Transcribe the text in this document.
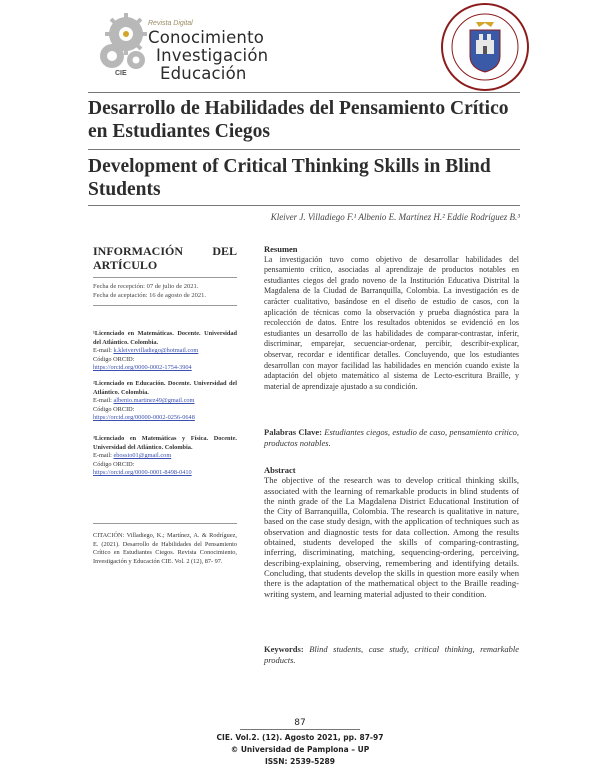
Revista Digital
Conocimiento
Investigación
Educación
CIE
Desarrollo de Habilidades del Pensamiento Crítico en Estudiantes Ciegos
Development of Critical Thinking Skills in Blind Students
Kleiver J. Villadiego F.¹ Albenio E. Martínez H.² Eddie Rodríguez B.³
INFORMACIÓN DEL
ARTÍCULO
Fecha de recepción: 07 de julio de 2021.
Fecha de aceptación: 16 de agosto de 2021.
¹Licenciado en Matemáticas. Docente. Universidad del Atlántico. Colombia.
E-mail: k.kleivervilladiego@hotmail.com
Código ORCID:
https://orcid.org/0000-0002-1754-3904
²Licenciado en Educación. Docente. Universidad del Atlántico. Colombia.
E-mail: albenio.martinez49@gmail.com
Código ORCID:
https://orcid.org/00000-0002-0256-0648
³Licenciado en Matemáticas y Física. Docente. Universidad del Atlántico. Colombia.
E-mail: ebossio01@gmail.com
Código ORCID:
https://orcid.org/0000-0001-8498-0410
CITACIÓN: Villadiego, K.; Martínez, A. & Rodríguez, E. (2021). Desarrollo de Habilidades del Pensamiento Crítico en Estudiantes Ciegos. Revista Conocimiento, Investigación y Educación CIE. Vol. 2 (12), 87- 97.
Resumen
La investigación tuvo como objetivo de desarrollar habilidades del pensamiento crítico, asociadas al aprendizaje de productos notables en estudiantes ciegos del grado noveno de la Institución Educativa Distrital la Magdalena de la Ciudad de Barranquilla, Colombia. La investigación es de carácter cualitativo, basándose en el diseño de estudio de casos, con la aplicación de técnicas como la observación y prueba diagnóstica para la recolección de datos. Entre los resultados obtenidos se evidenció en los estudiantes un desarrollo de las habilidades de comparar-contrastar, inferir, discriminar, emparejar, secuenciar-ordenar, percibir, describir-explicar, observar, recordar e identificar detalles. Concluyendo, que los estudiantes desarrollan con mayor facilidad las habilidades en mención cuando existe la adaptación del objeto matemático al sistema de Lecto-escritura Braille, y material de aprendizaje ajustado a su condición.
Palabras Clave: Estudiantes ciegos, estudio de caso, pensamiento crítico, productos notables.
Abstract
The objective of the research was to develop critical thinking skills, associated with the learning of remarkable products in blind students of the ninth grade of the La Magdalena District Educational Institution of the City of Barranquilla, Colombia. The research is qualitative in nature, based on the case study design, with the application of techniques such as observation and diagnostic tests for data collection. Among the results obtained, students developed the skills of comparing-contrasting, inferring, discriminating, matching, sequencing-ordering, perceiving, describing-explaining, observing, remembering and identifying details. Concluding, that students develop the skills in question more easily when there is the adaptation of the mathematical object to the Braille reading-writing system, and learning material adjusted to their condition.
Keywords: Blind students, case study, critical thinking, remarkable products.
87
CIE. Vol.2. (12). Agosto 2021, pp. 87-97
© Universidad de Pamplona – UP
ISSN: 2539-5289
